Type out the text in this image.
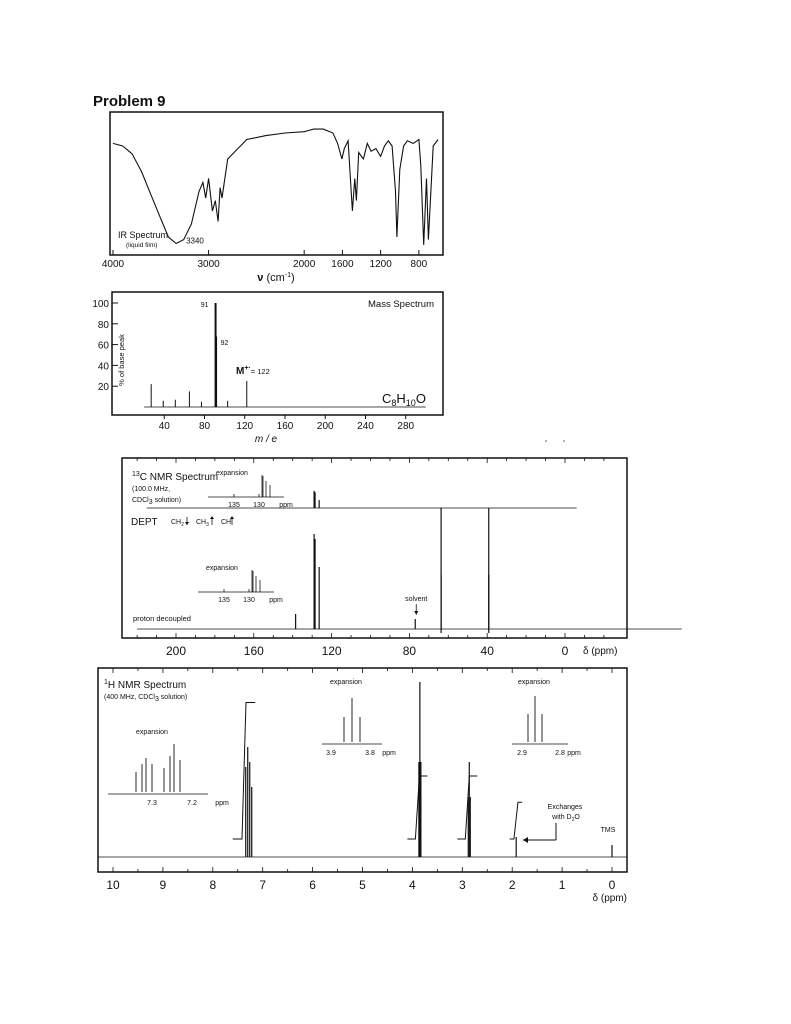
Problem 9
4000	3000	2000 1600 1200 800
3340
IR Spectrum
(liquid film)
ν $(cm^{-1})$
20
40
60
80
100
40	80	120 160 200 240 280
91
92
Mass Spectrum
% of base peak
m / e
$M^{+\cdot}_{= 122}$
$C_8H_{10}O$
200	160	120	80	40	0 δ (ppm)
$^{13}$C NMR Spectrum
(100.0 MHz,
CDCl3 solution)
DEPT $CH_2$ $CH_3$ CH
expansion
135 130 ppm
expansion
135 130 ppm	solvent
proton decoupled
10	9	8	7	6	5	4	3	2	1	0
δ (ppm)
$^1$H NMR Spectrum
(400 MHz, CDCl3 solution)
expansion
7.3	7.2	ppm
expansion
3.9	3.8 ppm
expansion
2.9	2.8 ppm
Exchanges
with $D_2O$
TMS
